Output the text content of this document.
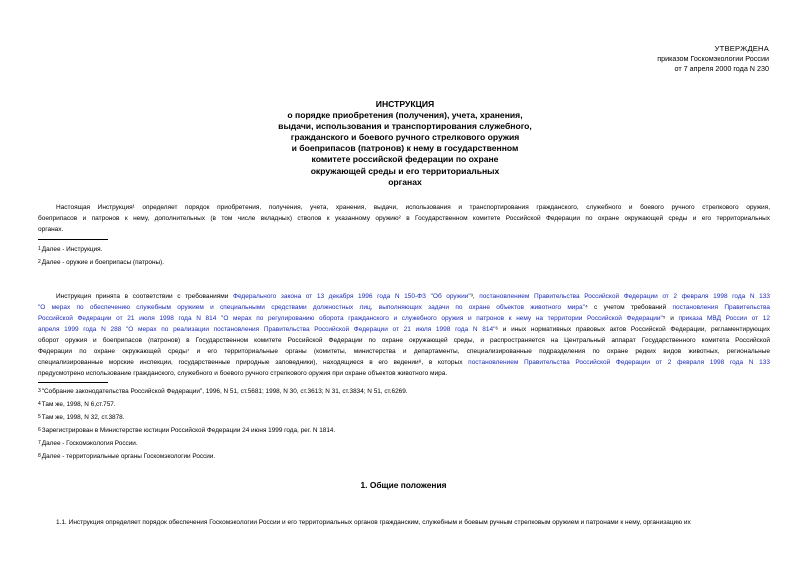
УТВЕРЖДЕНА
приказом Госкомэкологии России
от 7 апреля 2000 года N 230
ИНСТРУКЦИЯ
о порядке приобретения (получения), учета, хранения,
выдачи, использования и транспортирования служебного,
гражданского и боевого ручного стрелкового оружия
и боеприпасов (патронов) к нему в государственном
комитете российской федерации по охране
окружающей среды и его территориальных
органах
Настоящая Инструкция¹ определяет порядок приобретения, получения, учета, хранения, выдачи, использования и транспортирования гражданского, служебного и боевого ручного стрелкового оружия,
боеприпасов и патронов к нему, дополнительных (в том числе вкладных) стволов к указанному оружию² в Государственном комитете Российской Федерации по охране окружающей среды и его территориальных
органах.
1Далее - Инструкция.
2Далее - оружие и боеприпасы (патроны).
Инструкция принята в соответствии с требованиями Федерального закона от 13 декабря 1996 года N 150-ФЗ "Об оружии"³, постановлением Правительства Российской Федерации от 2 февраля 1998 года N 133
"О мерах по обеспечению служебным оружием и специальными средствами должностных лиц, выполняющих задачи по охране объектов животного мира"⁴ с учетом требований постановления Правительства
Российской Федерации от 21 июля 1998 года N 814 "О мерах по регулированию оборота гражданского и служебного оружия и патронов к нему на территории Российской Федерации"⁵ и приказа МВД России от 12
апреля 1999 года N 288 "О мерах по реализации постановления Правительства Российской Федерации от 21 июля 1998 года N 814"⁶ и иных нормативных правовых актов Российской Федерации, регламентирующих
оборот оружия и боеприпасов (патронов) в Государственном комитете Российской Федерации по охране окружающей среды, и распространяется на Центральный аппарат Государственного комитета Российской
Федерации по охране окружающей среды⁷ и его территориальные органы (комитеты, министерства и департаменты, специализированные подразделения по охране редких видов животных, региональные
специализированные морские инспекции, государственные природные заповедники), находящиеся в его ведении⁸, в которых постановлением Правительства Российской Федерации от 2 февраля 1998 года N 133
предусмотрено использование гражданского, служебного и боевого ручного стрелкового оружия при охране объектов животного мира.
3"Собрание законодательства Российской Федерации", 1996, N 51, ст.5681; 1998, N 30, ст.3613; N 31, ст.3834; N 51, ст.6269.
4Там же, 1998, N 6,ст.757.
5Там же, 1998, N 32, ст.3878.
6Зарегистрирован в Министерстве юстиции Российской Федерации 24 июня 1999 года, рег. N 1814.
7Далее - Госкомэкология России.
8Далее - территориальные органы Госкомэкологии России.
1. Общие положения
1.1. Инструкция определяет порядок обеспечения Госкомэкологии России и его территориальных органов гражданским, служебным и боевым ручным стрелковым оружием и патронами к нему, организацию их
